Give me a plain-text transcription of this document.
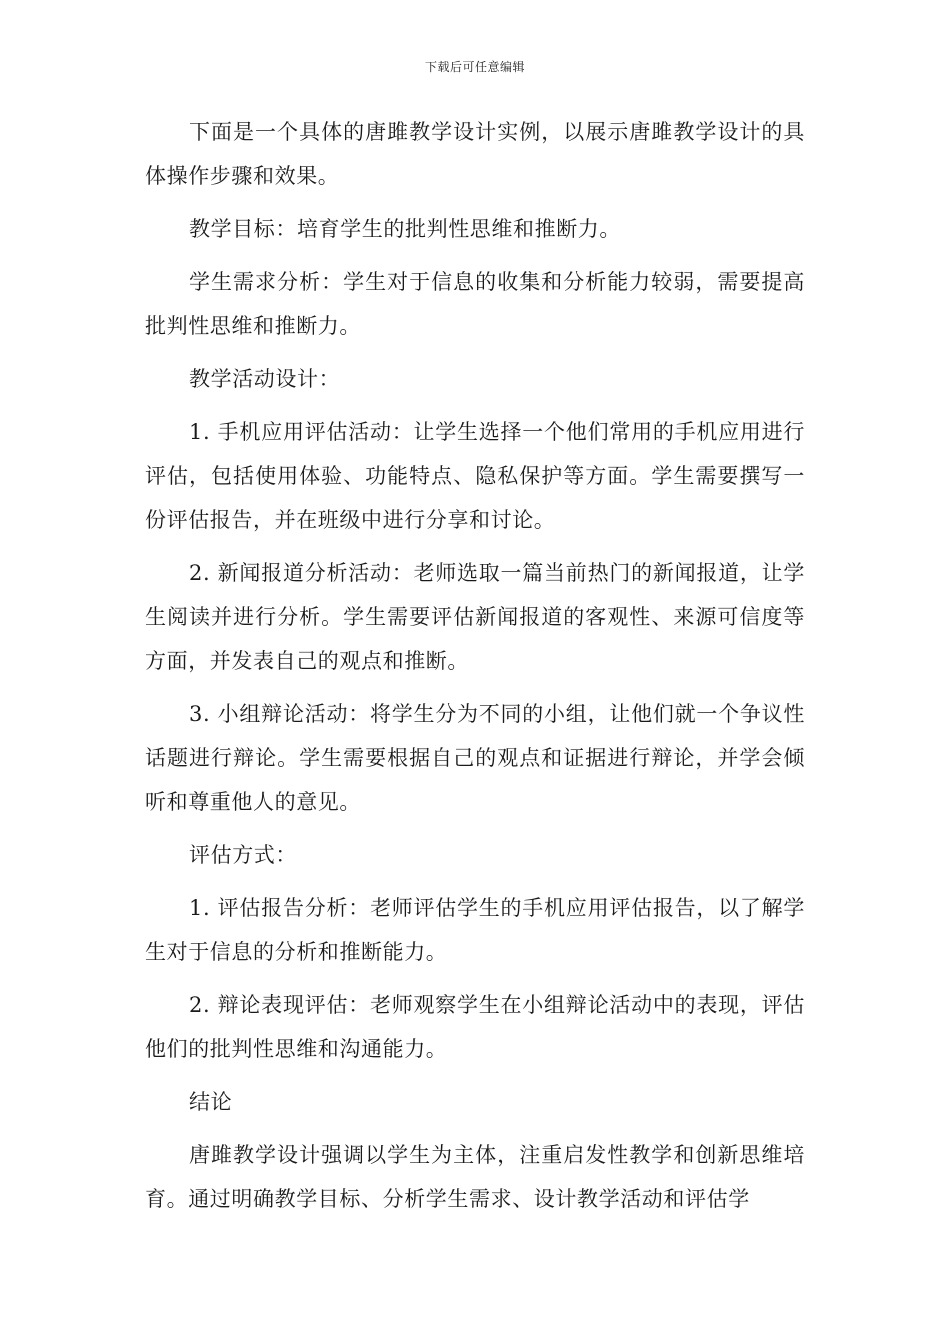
下载后可任意编辑

下面是一个具体的唐雎教学设计实例，以展示唐雎教学设计的具体操作步骤和效果。

教学目标：培育学生的批判性思维和推断力。

学生需求分析：学生对于信息的收集和分析能力较弱，需要提高批判性思维和推断力。

教学活动设计：

1. 手机应用评估活动：让学生选择一个他们常用的手机应用进行评估，包括使用体验、功能特点、隐私保护等方面。学生需要撰写一份评估报告，并在班级中进行分享和讨论。

2. 新闻报道分析活动：老师选取一篇当前热门的新闻报道，让学生阅读并进行分析。学生需要评估新闻报道的客观性、来源可信度等方面，并发表自己的观点和推断。

3. 小组辩论活动：将学生分为不同的小组，让他们就一个争议性话题进行辩论。学生需要根据自己的观点和证据进行辩论，并学会倾听和尊重他人的意见。

评估方式：

1. 评估报告分析：老师评估学生的手机应用评估报告，以了解学生对于信息的分析和推断能力。

2. 辩论表现评估：老师观察学生在小组辩论活动中的表现，评估他们的批判性思维和沟通能力。

结论

唐雎教学设计强调以学生为主体，注重启发性教学和创新思维培育。通过明确教学目标、分析学生需求、设计教学活动和评估学
